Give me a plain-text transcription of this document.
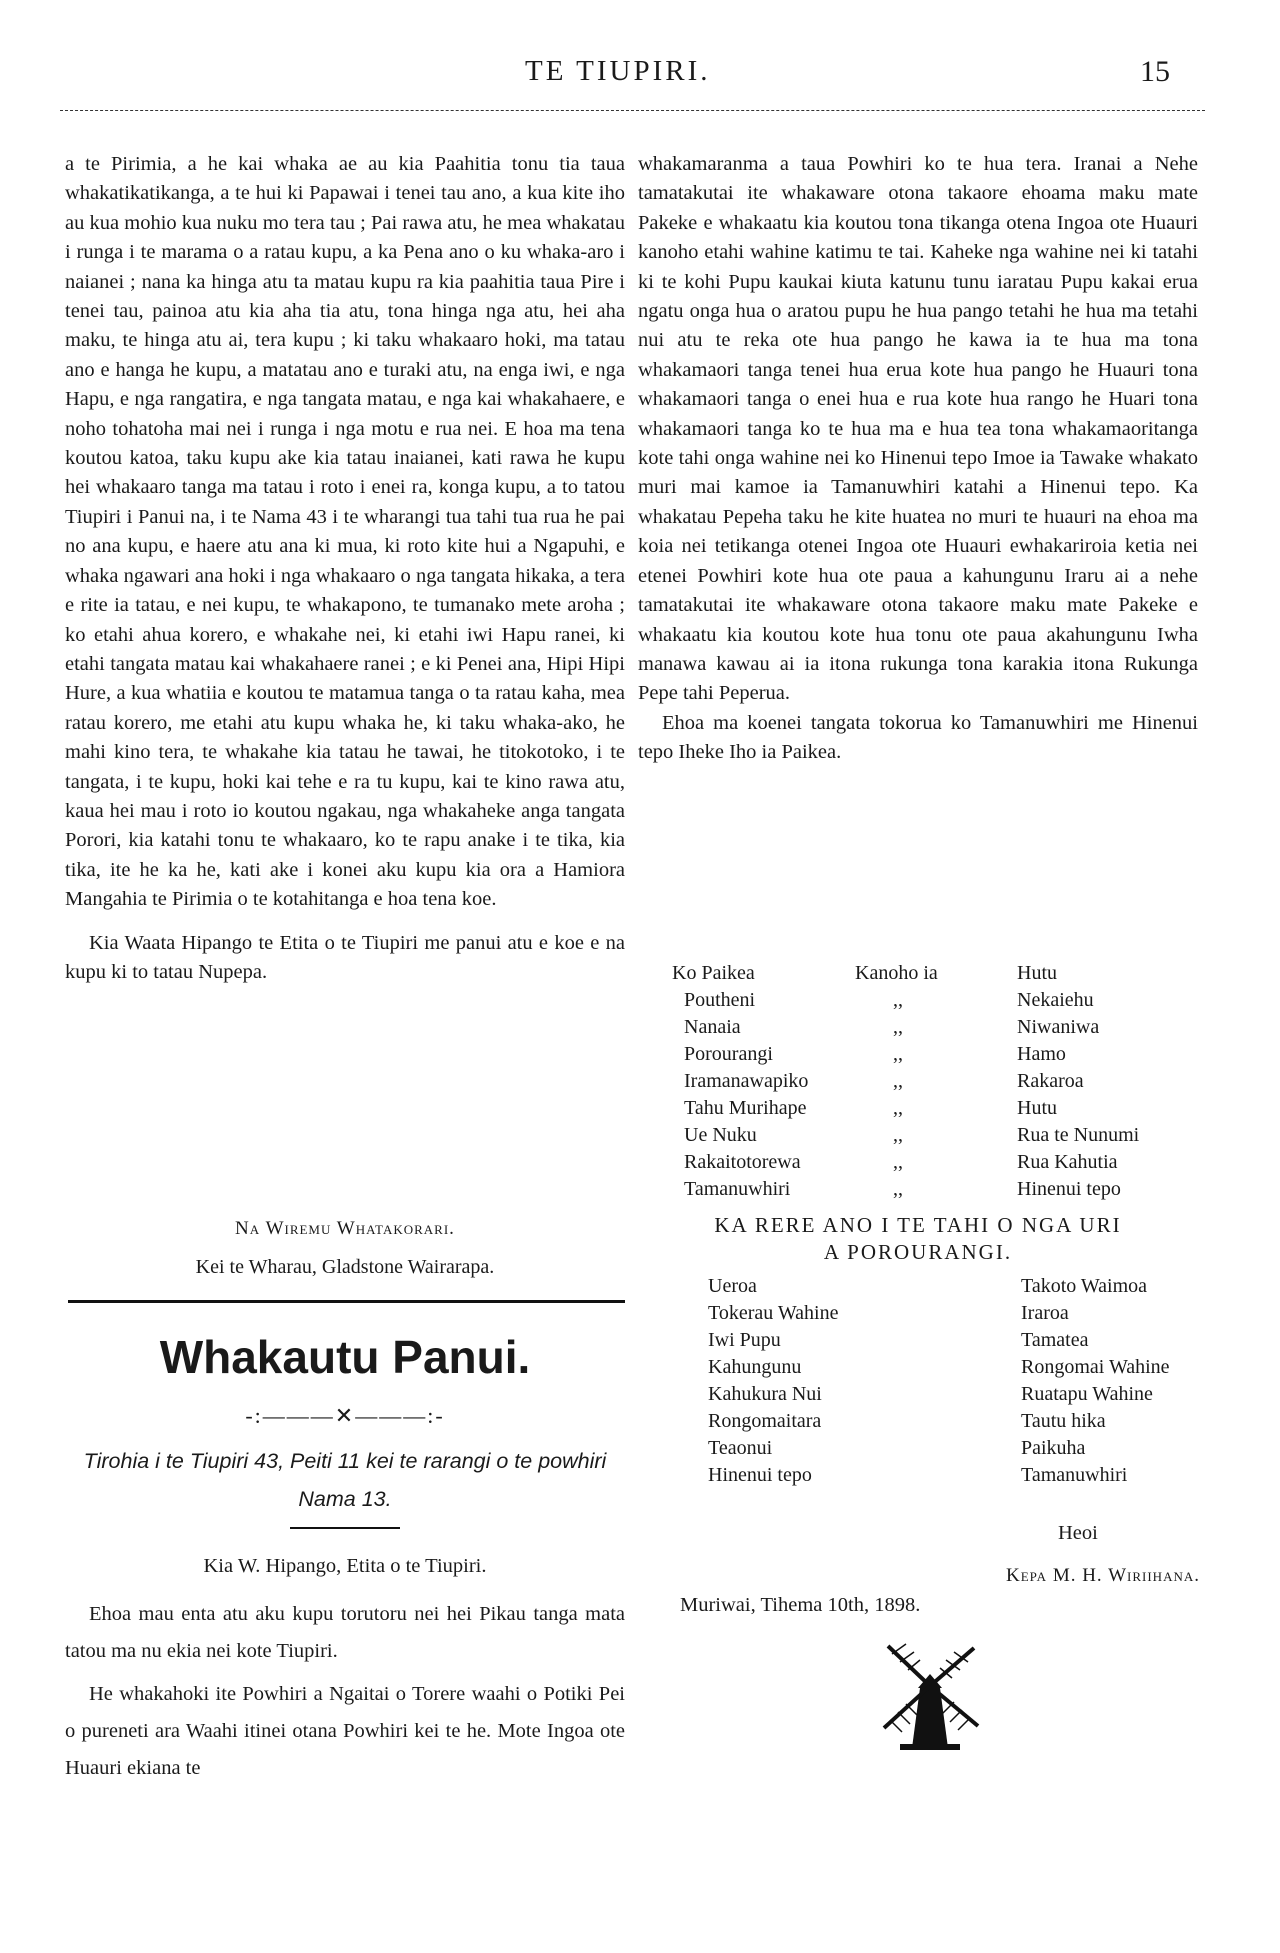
TE TIUPIRI.	15

a te Pirimia, a he kai whaka ae au kia Paahitia tonu tia taua whakatikatikanga, a te hui ki Papawai i tenei tau ano, a kua kite iho au kua mohio kua nuku mo tera tau ; Pai rawa atu, he mea whakatau i runga i te marama o a ratau kupu, a ka Pena ano o ku whaka-aro i naianei ; nana ka hinga atu ta matau kupu ra kia paahitia taua Pire i tenei tau, painoa atu kia aha tia atu, tona hinga nga atu, hei aha maku, te hinga atu ai, tera kupu ; ki taku whakaaro hoki, ma tatau ano e hanga he kupu, a matatau ano e turaki atu, na enga iwi, e nga Hapu, e nga rangatira, e nga tangata matau, e nga kai whakahaere, e noho tohatoha mai nei i runga i nga motu e rua nei. E hoa ma tena koutou katoa, taku kupu ake kia tatau inaianei, kati rawa he kupu hei whakaaro tanga ma tatau i roto i enei ra, konga kupu, a to tatou Tiupiri i Panui na, i te Nama 43 i te wharangi tua tahi tua rua he pai no ana kupu, e haere atu ana ki mua, ki roto kite hui a Ngapuhi, e whaka ngawari ana hoki i nga whakaaro o nga tangata hikaka, a tera e rite ia tatau, e nei kupu, te whakapono, te tumanako mete aroha ; ko etahi ahua korero, e whakahe nei, ki etahi iwi Hapu ranei, ki etahi tangata matau kai whakahaere ranei ; e ki Penei ana, Hipi Hipi Hure, a kua whatiia e koutou te matamua tanga o ta ratau kaha, mea ratau korero, me etahi atu kupu whaka he, ki taku whaka-ako, he mahi kino tera, te whakahe kia tatau he tawai, he titokotoko, i te tangata, i te kupu, hoki kai tehe e ra tu kupu, kai te kino rawa atu, kaua hei mau i roto io koutou ngakau, nga whakaheke anga tangata Porori, kia katahi tonu te whakaaro, ko te rapu anake i te tika, kia tika, ite he ka he, kati ake i konei aku kupu kia ora a Hamiora Mangahia te Pirimia o te kotahitanga e hoa tena koe.

Kia Waata Hipango te Etita o te Tiupiri me panui atu e koe e na kupu ki to tatau Nupepa.

Na Wiremu Whatakorari.
Kei te Wharau, Gladstone Wairarapa.
Whakautu Panui.
-:———✕———:-
Tirohia i te Tiupiri 43, Peiti 11 kei te rarangi o te powhiri Nama 13.
Kia W. Hipango, Etita o te Tiupiri.

Ehoa mau enta atu aku kupu torutoru nei hei Pikau tanga mata tatou ma nu ekia nei kote Tiupiri.

He whakahoki ite Powhiri a Ngaitai o Torere waahi o Potiki Pei o pureneti ara Waahi itinei otana Powhiri kei te he. Mote Ingoa ote Huauri ekiana te

whakamaranma a taua Powhiri ko te hua tera. Iranai a Nehe tamatakutai ite whakaware otona takaore ehoama maku mate Pakeke e whakaatu kia koutou tona tikanga otena Ingoa ote Huauri kanoho etahi wahine katimu te tai. Kaheke nga wahine nei ki tatahi ki te kohi Pupu kaukai kiuta katunu tunu iaratau Pupu kakai erua ngatu onga hua o aratou pupu he hua pango tetahi he hua ma tetahi nui atu te reka ote hua pango he kawa ia te hua ma tona whakamaori tanga tenei hua erua kote hua pango he Huauri tona whakamaori tanga o enei hua e rua kote hua rango he Huari tona whakamaori tanga ko te hua ma e hua tea tona whakamaoritanga kote tahi onga wahine nei ko Hinenui tepo Imoe ia Tawake whakato muri mai kamoe ia Tamanuwhiri katahi a Hinenui tepo. Ka whakatau Pepeha taku he kite huatea no muri te huauri na ehoa ma koia nei tetikanga otenei Ingoa ote Huauri ewhakariroia ketia nei etenei Powhiri kote hua ote paua a kahungunu Iraru ai a nehe tamatakutai ite whakaware otona takaore maku mate Pakeke e whakaatu kia koutou kote hua tonu ote paua akahungunu Iwha manawa kawau ai ia itona rukunga tona karakia itona Rukunga Pepe tahi Peperua.

Ehoa ma koenei tangata tokorua ko Tamanuwhiri me Hinenui tepo Iheke Iho ia Paikea.

Ko Paikea	Kanoho ia	Hutu
Poutheni	,,	Nekaiehu
Nanaia	,,	Niwaniwa
Porourangi	,,	Hamo
Iramanawapiko	,,	Rakaroa
Tahu Murihape	,,	Hutu
Ue Nuku	,,	Rua te Nunumi
Rakaitotorewa	,,	Rua Kahutia
Tamanuwhiri	,,	Hinenui tepo
KA RERE ANO I TE TAHI O NGA URI
A POROURANGI.
Ueroa	Takoto Waimoa
Tokerau Wahine	Iraroa
Iwi Pupu	Tamatea
Kahungunu	Rongomai Wahine
Kahukura Nui	Ruatapu Wahine
Rongomaitara	Tautu hika
Teaonui	Paikuha
Hinenui tepo	Tamanuwhiri
Heoi
Kepa M. H. Wiriihana.
Muriwai, Tihema 10th, 1898.
